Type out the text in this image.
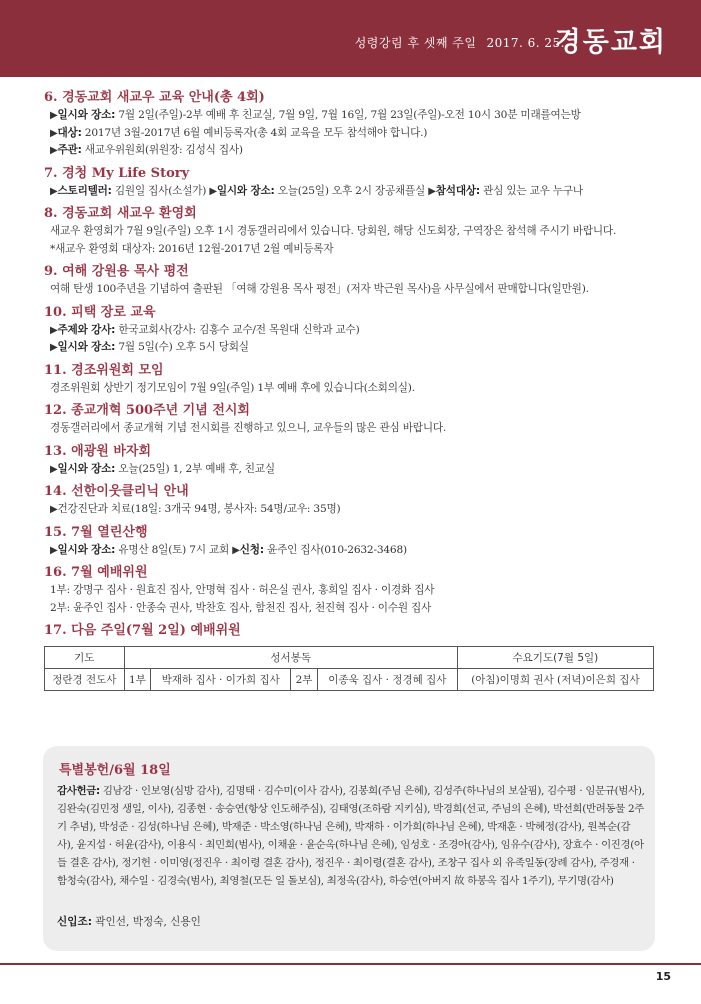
성령강림 후 셋째 주일 2017. 6. 25.
경동교회
6. 경동교회 새교우 교육 안내(총 4회)
▶일시와 장소: 7월 2일(주일)-2부 예배 후 친교실, 7월 9일, 7월 16일, 7월 23일(주일)-오전 10시 30분 미래를여는방
▶대상: 2017년 3월-2017년 6월 예비등록자(총 4회 교육을 모두 참석해야 합니다.)
▶주관: 새교우위원회(위원장: 김성식 집사)
7. 경청 My Life Story
▶스토리텔러: 김원일 집사(소설가) ▶일시와 장소: 오늘(25일) 오후 2시 장공채플실 ▶참석대상: 관심 있는 교우 누구나
8. 경동교회 새교우 환영회
새교우 환영회가 7월 9일(주일) 오후 1시 경동갤러리에서 있습니다. 당회원, 해당 신도회장, 구역장은 참석해 주시기 바랍니다.
*새교우 환영회 대상자: 2016년 12월-2017년 2월 예비등록자
9. 여해 강원용 목사 평전
여해 탄생 100주년을 기념하여 출판된 「여해 강원용 목사 평전」(저자 박근원 목사)을 사무실에서 판매합니다(일만원).
10. 피택 장로 교육
▶주제와 강사: 한국교회사(강사: 김홍수 교수/전 목원대 신학과 교수)
▶일시와 장소: 7월 5일(수) 오후 5시 당회실
11. 경조위원회 모임
경조위원회 상반기 정기모임이 7월 9일(주일) 1부 예배 후에 있습니다(소회의실).
12. 종교개혁 500주년 기념 전시회
경동갤러리에서 종교개혁 기념 전시회를 진행하고 있으니, 교우들의 많은 관심 바랍니다.
13. 애광원 바자회
▶일시와 장소: 오늘(25일) 1, 2부 예배 후, 친교실
14. 선한이웃클리닉 안내
▶건강진단과 치료(18일: 3개국 94명, 봉사자: 54명/교우: 35명)
15. 7월 열린산행
▶일시와 장소: 유명산 8일(토) 7시 교회 ▶신청: 윤주인 집사(010-2632-3468)
16. 7월 예배위원
1부: 강명구 집사 · 원효진 집사, 안명혁 집사 · 허은실 권사, 홍희일 집사 · 이경화 집사
2부: 윤주인 집사 · 안종숙 권사, 박찬호 집사, 함천진 집사, 천진혁 집사 · 이수원 집사
17. 다음 주일(7월 2일) 예배위원
기도	성서봉독				수요기도(7월 5일)
정란경 전도사	1부	박재하 집사 · 이가희 집사	2부	이종욱 집사 · 정경혜 집사	(아침)이명희 권사 (저녁)이은희 집사
특별봉헌/6월 18일
감사헌금: 김남강 · 인보영(심방 감사), 김명태 · 김수미(이사 감사), 김봉희(주님 은혜), 김성주(하나님의 보살핌), 김수평 · 임문규(범사), 김완숙(김민정 생일, 이사), 김종현 · 송승연(항상 인도해주심), 김태영(조하람 지키심), 박경희(선교, 주님의 은혜), 박선희(반려동물 2주기 추념), 박성준 · 김성(하나님 은혜), 박재준 · 박소영(하나님 은혜), 박재하 · 이가희(하나님 은혜), 박재훈 · 박혜정(감사), 원복순(감사), 윤지섭 · 허윤(감사), 이용식 · 최민희(범사), 이채윤 · 윤순옥(하나님 은혜), 임성호 · 조경아(감사), 임유수(감사), 장효수 · 이진경(아들 결혼 감사), 정기헌 · 이미영(정진우 · 최이령 결혼 감사), 정진우 · 최이령(결혼 감사), 조창구 집사 외 유족일동(장례 감사), 주경재 · 함청숙(감사), 채수일 · 김경숙(범사), 최영철(모든 일 돌보심), 최정옥(감사), 하승연(아버지 故 하봉옥 집사 1주기), 무기명(감사)
신입조: 곽인선, 박정숙, 신용인
15
